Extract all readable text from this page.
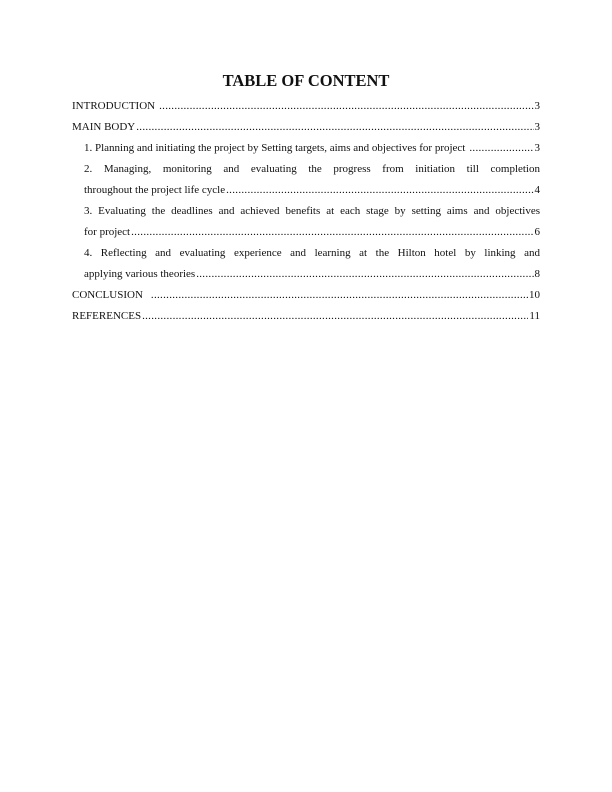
TABLE OF CONTENT
INTRODUCTION .....	3
MAIN BODY .....	3
1. Planning and initiating the project by Setting targets, aims and objectives for project .....	3
2. Managing, monitoring and evaluating the progress from initiation till completion
throughout the project life cycle .....	4
3. Evaluating the deadlines and achieved benefits at each stage by setting aims and objectives
for project .....	6
4. Reflecting and evaluating experience and learning at the Hilton hotel by linking and
applying various theories .....	8
CONCLUSION .....	10
REFERENCES .....	11
